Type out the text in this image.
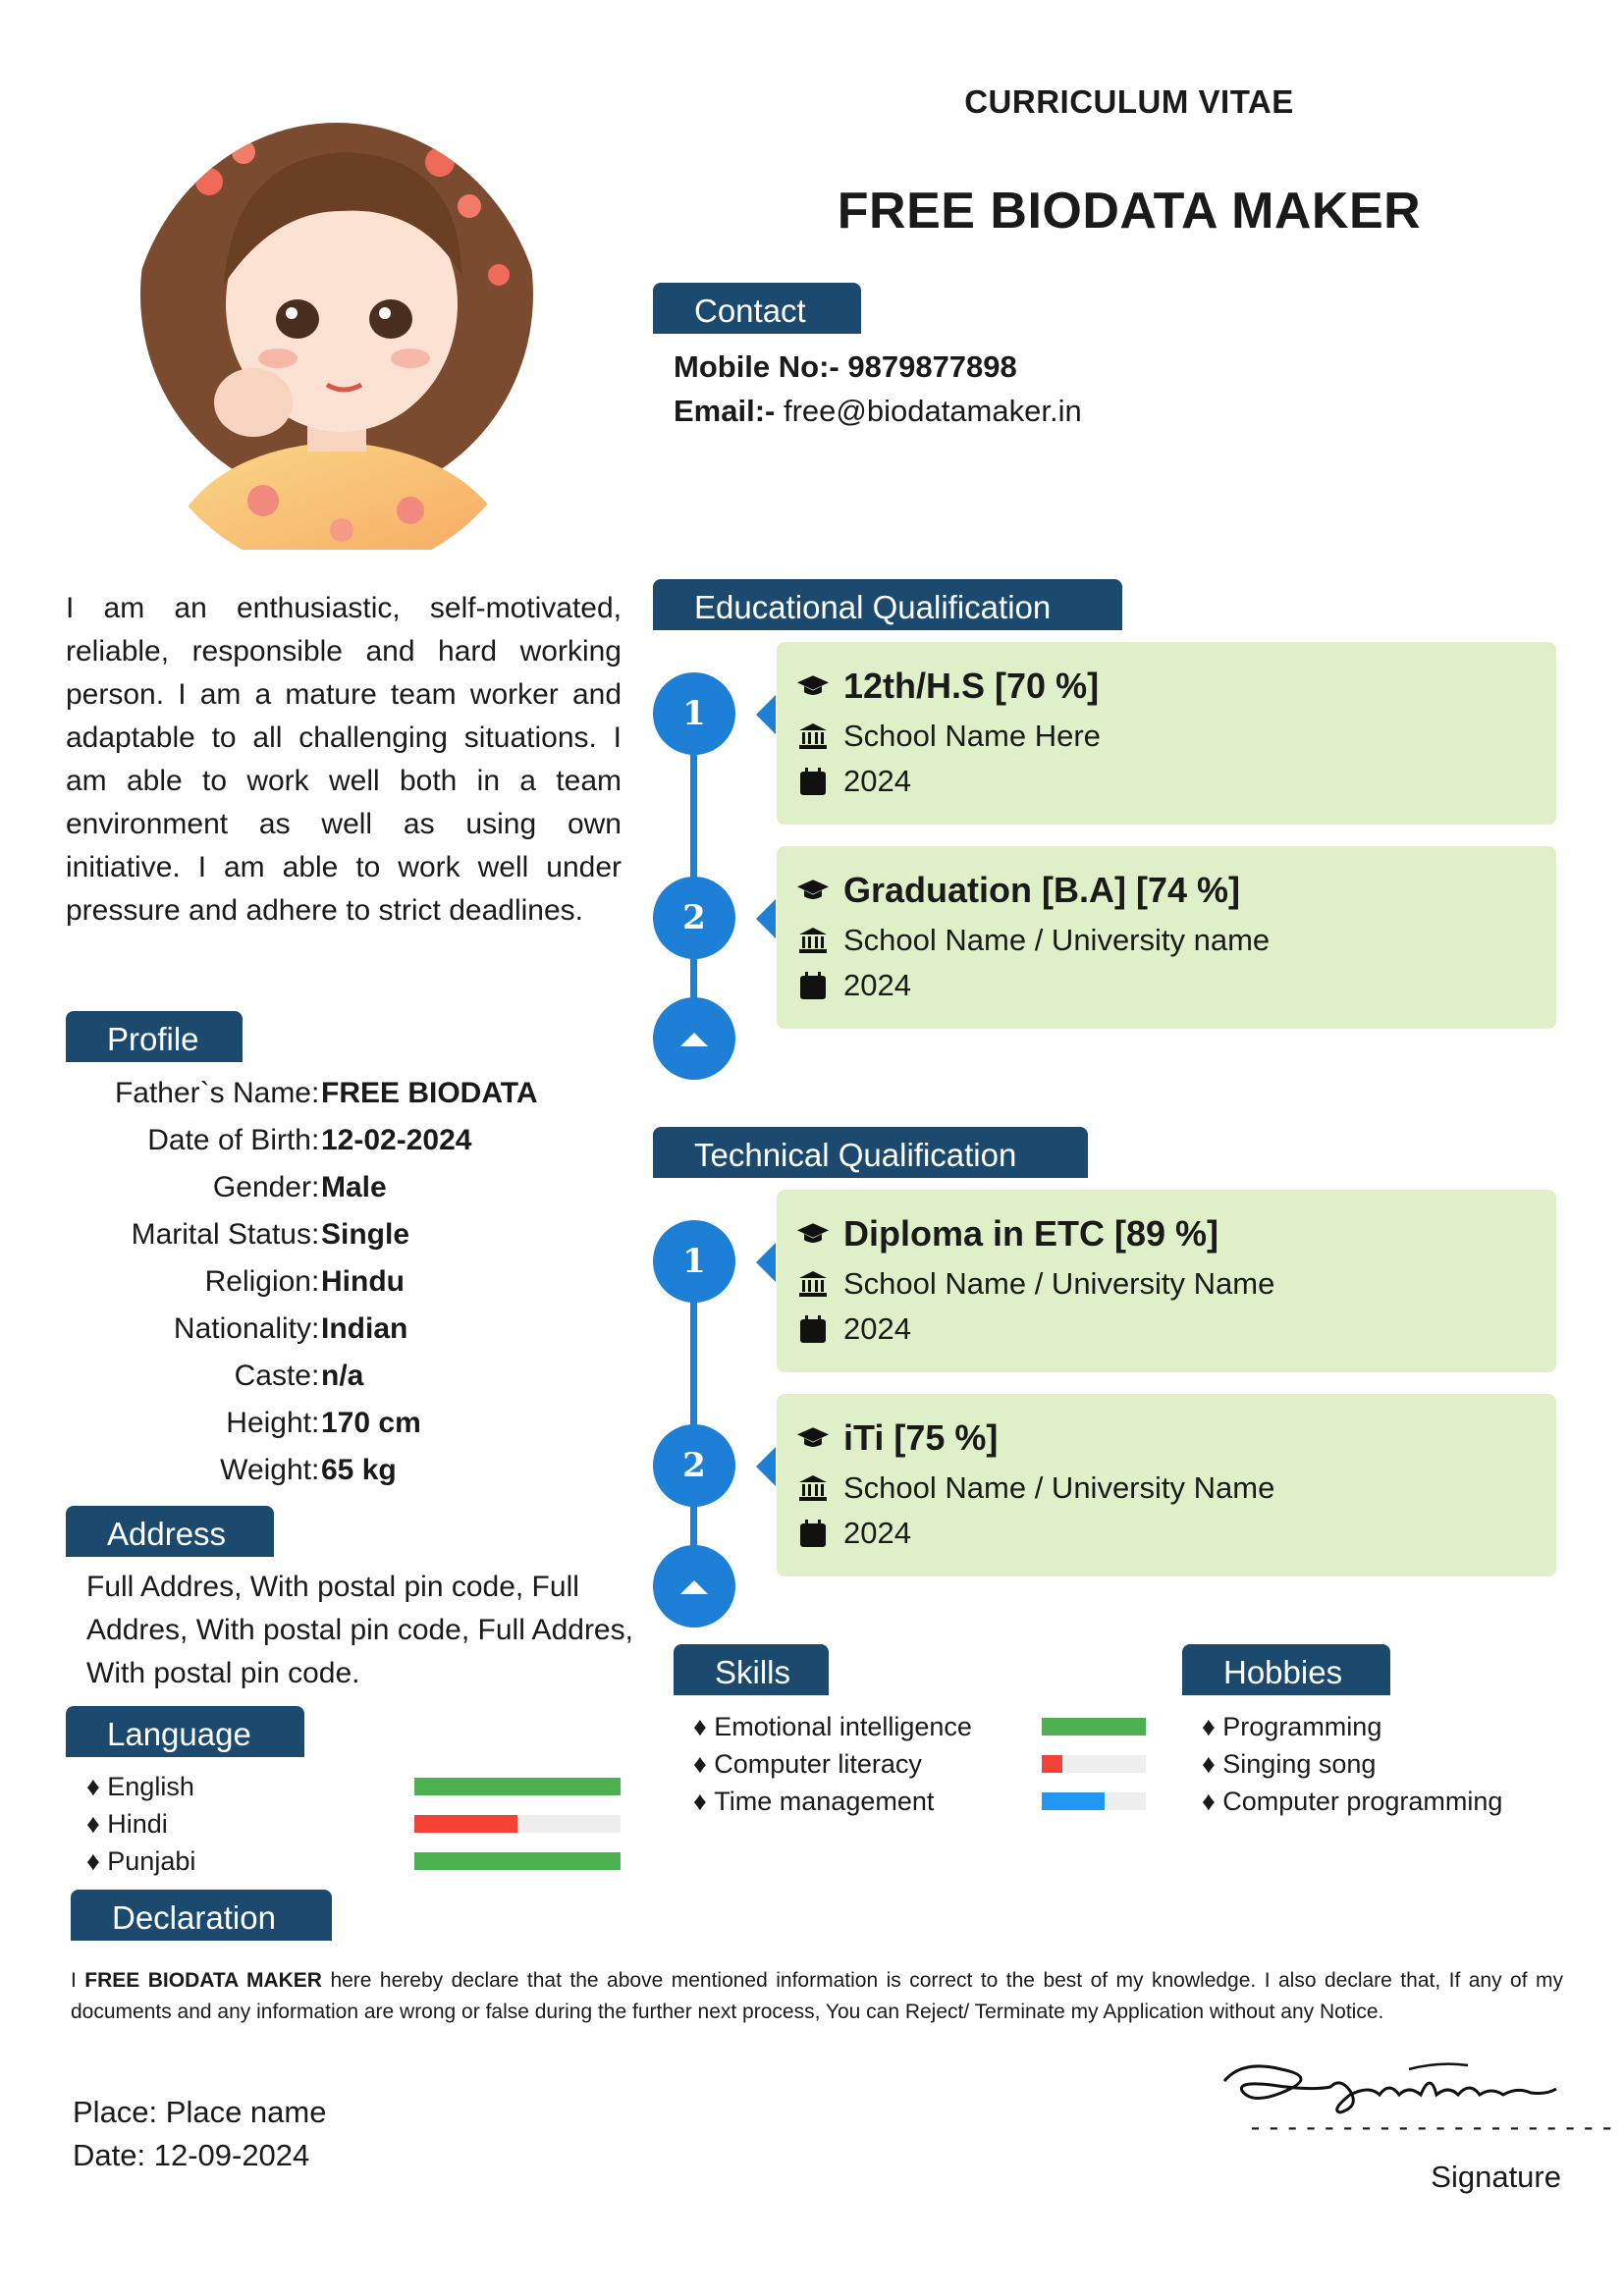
CURRICULUM VITAE
FREE BIODATA MAKER
Contact
Mobile No:- 9879877898
Email:- free@biodatamaker.in
I am an enthusiastic, self-motivated, reliable, responsible and hard working person. I am a mature team worker and adaptable to all challenging situations. I am able to work well both in a team environment as well as using own initiative. I am able to work well under pressure and adhere to strict deadlines.
Profile
Father`s Name : FREE BIODATA
Date of Birth : 12-02-2024
Gender : Male
Marital Status : Single
Religion : Hindu
Nationality : Indian
Caste : n/a
Height : 170 cm
Weight : 65 kg
Address
Full Addres, With postal pin code, Full Addres, With postal pin code, Full Addres, With postal pin code.
Language
♦ English
♦ Hindi
♦ Punjabi
Educational Qualification
1
2
12th/H.S [70 %]
School Name Here
2024
Graduation [B.A] [74 %]
School Name / University name
2024
Technical Qualification
1
2
Diploma in ETC [89 %]
School Name / University Name
2024
iTi [75 %]
School Name / University Name
2024
Skills
♦ Emotional intelligence
♦ Computer literacy
♦ Time management
Hobbies
♦ Programming
♦ Singing song
♦ Computer programming
Declaration
I FREE BIODATA MAKER here hereby declare that the above mentioned information is correct to the best of my knowledge. I also declare that, If any of my documents and any information are wrong or false during the further next process, You can Reject/ Terminate my Application without any Notice.
Place: Place name
Date: 12-09-2024
--------------------
Signature
